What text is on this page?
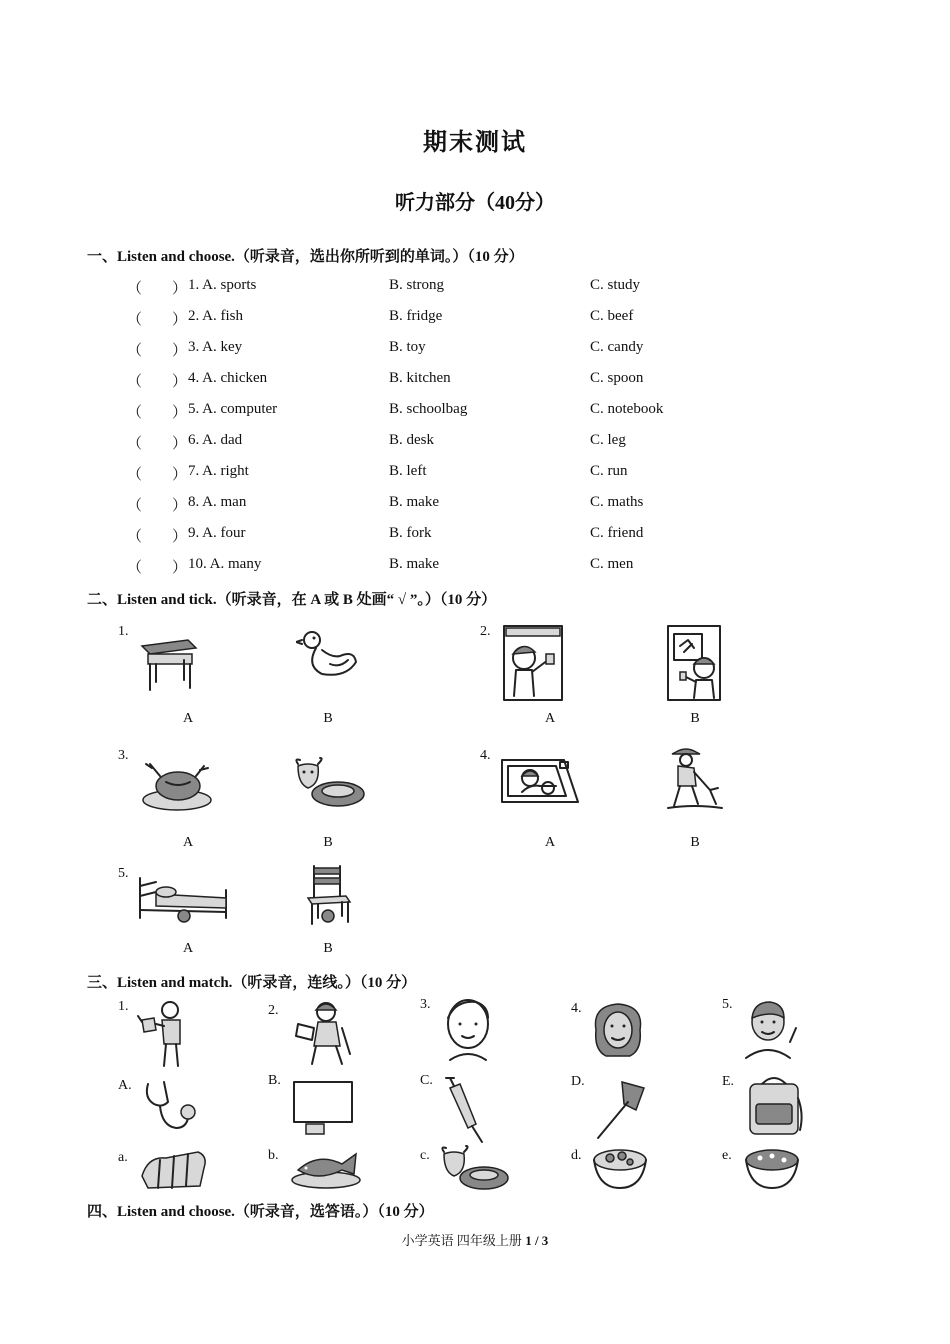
期末测试
听力部分（40分）
一、Listen and choose.（听录音，选出你所听到的单词。）（10 分）
（ ） 1. A. sports	B. strong	C. study
（ ） 2. A. fish	B. fridge	C. beef
（ ） 3. A. key	B. toy	C. candy
（ ） 4. A. chicken	B. kitchen	C. spoon
（ ） 5. A. computer	B. schoolbag	C. notebook
（ ） 6. A. dad	B. desk	C. leg
（ ） 7. A. right	B. left	C. run
（ ） 8. A. man	B. make	C. maths
（ ） 9. A. four	B. fork	C. friend
（ ） 10. A. many	B. make	C. men
二、Listen and tick.（听录音，在 A 或 B 处画“ √ ”。）（10 分）
1.
A	B
2.
A	B
3.	4.
A	B	A	B
5.
A	B
三、Listen and match.（听录音，连线。）（10 分）
1.	2.	3.	4.	5.
A.	B.	C.	D.	E.
a.	b.	c.	d.	e.
四、Listen and choose.（听录音，选答语。）（10 分）
小学英语 四年级上册 1 / 3
